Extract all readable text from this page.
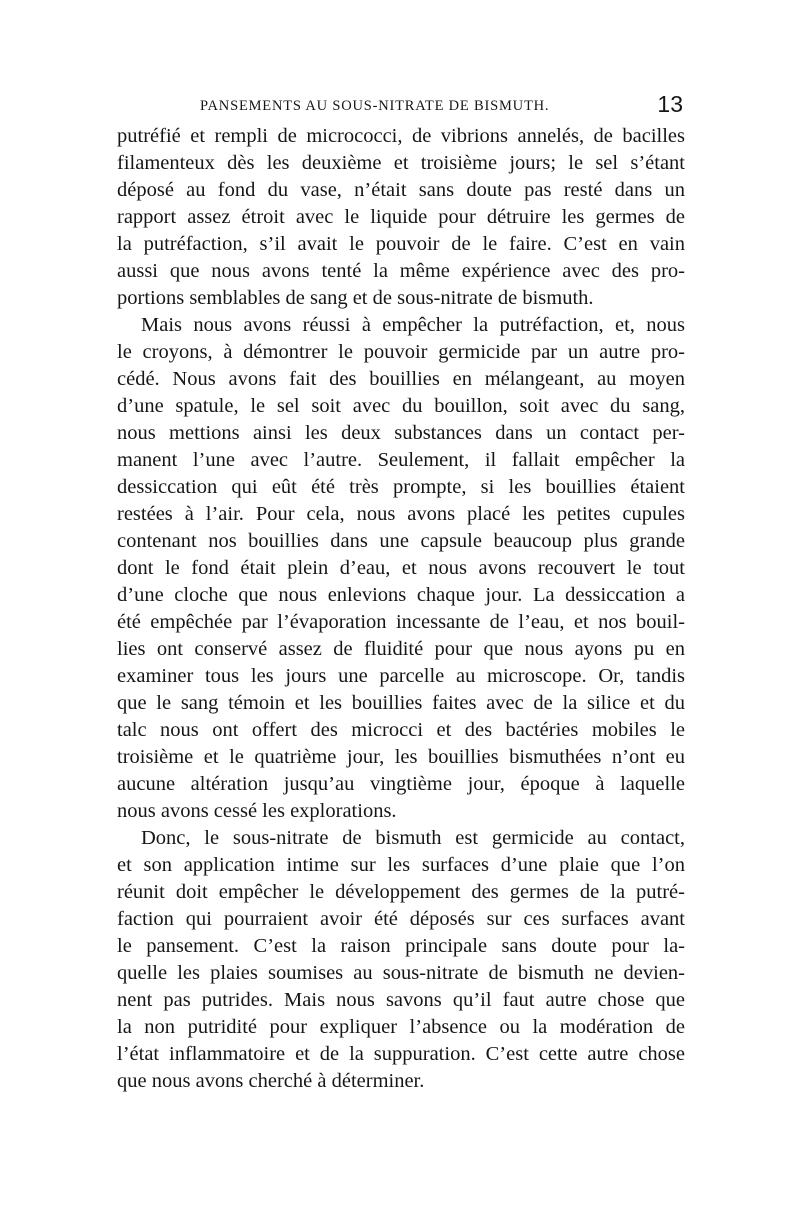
PANSEMENTS AU SOUS-NITRATE DE BISMUTH.	13

putréfié et rempli de micrococci, de vibrions annelés, de bacilles
filamenteux dès les deuxième et troisième jours; le sel s’étant
déposé au fond du vase, n’était sans doute pas resté dans un
rapport assez étroit avec le liquide pour détruire les germes de
la putréfaction, s’il avait le pouvoir de le faire. C’est en vain
aussi que nous avons tenté la même expérience avec des pro-
portions semblables de sang et de sous-nitrate de bismuth.

Mais nous avons réussi à empêcher la putréfaction, et, nous
le croyons, à démontrer le pouvoir germicide par un autre pro-
cédé. Nous avons fait des bouillies en mélangeant, au moyen
d’une spatule, le sel soit avec du bouillon, soit avec du sang,
nous mettions ainsi les deux substances dans un contact per-
manent l’une avec l’autre. Seulement, il fallait empêcher la
dessiccation qui eût été très prompte, si les bouillies étaient
restées à l’air. Pour cela, nous avons placé les petites cupules
contenant nos bouillies dans une capsule beaucoup plus grande
dont le fond était plein d’eau, et nous avons recouvert le tout
d’une cloche que nous enlevions chaque jour. La dessiccation a
été empêchée par l’évaporation incessante de l’eau, et nos bouil-
lies ont conservé assez de fluidité pour que nous ayons pu en
examiner tous les jours une parcelle au microscope. Or, tandis
que le sang témoin et les bouillies faites avec de la silice et du
talc nous ont offert des microcci et des bactéries mobiles le
troisième et le quatrième jour, les bouillies bismuthées n’ont eu
aucune altération jusqu’au vingtième jour, époque à laquelle
nous avons cessé les explorations.

Donc, le sous-nitrate de bismuth est germicide au contact,
et son application intime sur les surfaces d’une plaie que l’on
réunit doit empêcher le développement des germes de la putré-
faction qui pourraient avoir été déposés sur ces surfaces avant
le pansement. C’est la raison principale sans doute pour la-
quelle les plaies soumises au sous-nitrate de bismuth ne devien-
nent pas putrides. Mais nous savons qu’il faut autre chose que
la non putridité pour expliquer l’absence ou la modération de
l’état inflammatoire et de la suppuration. C’est cette autre chose
que nous avons cherché à déterminer.
